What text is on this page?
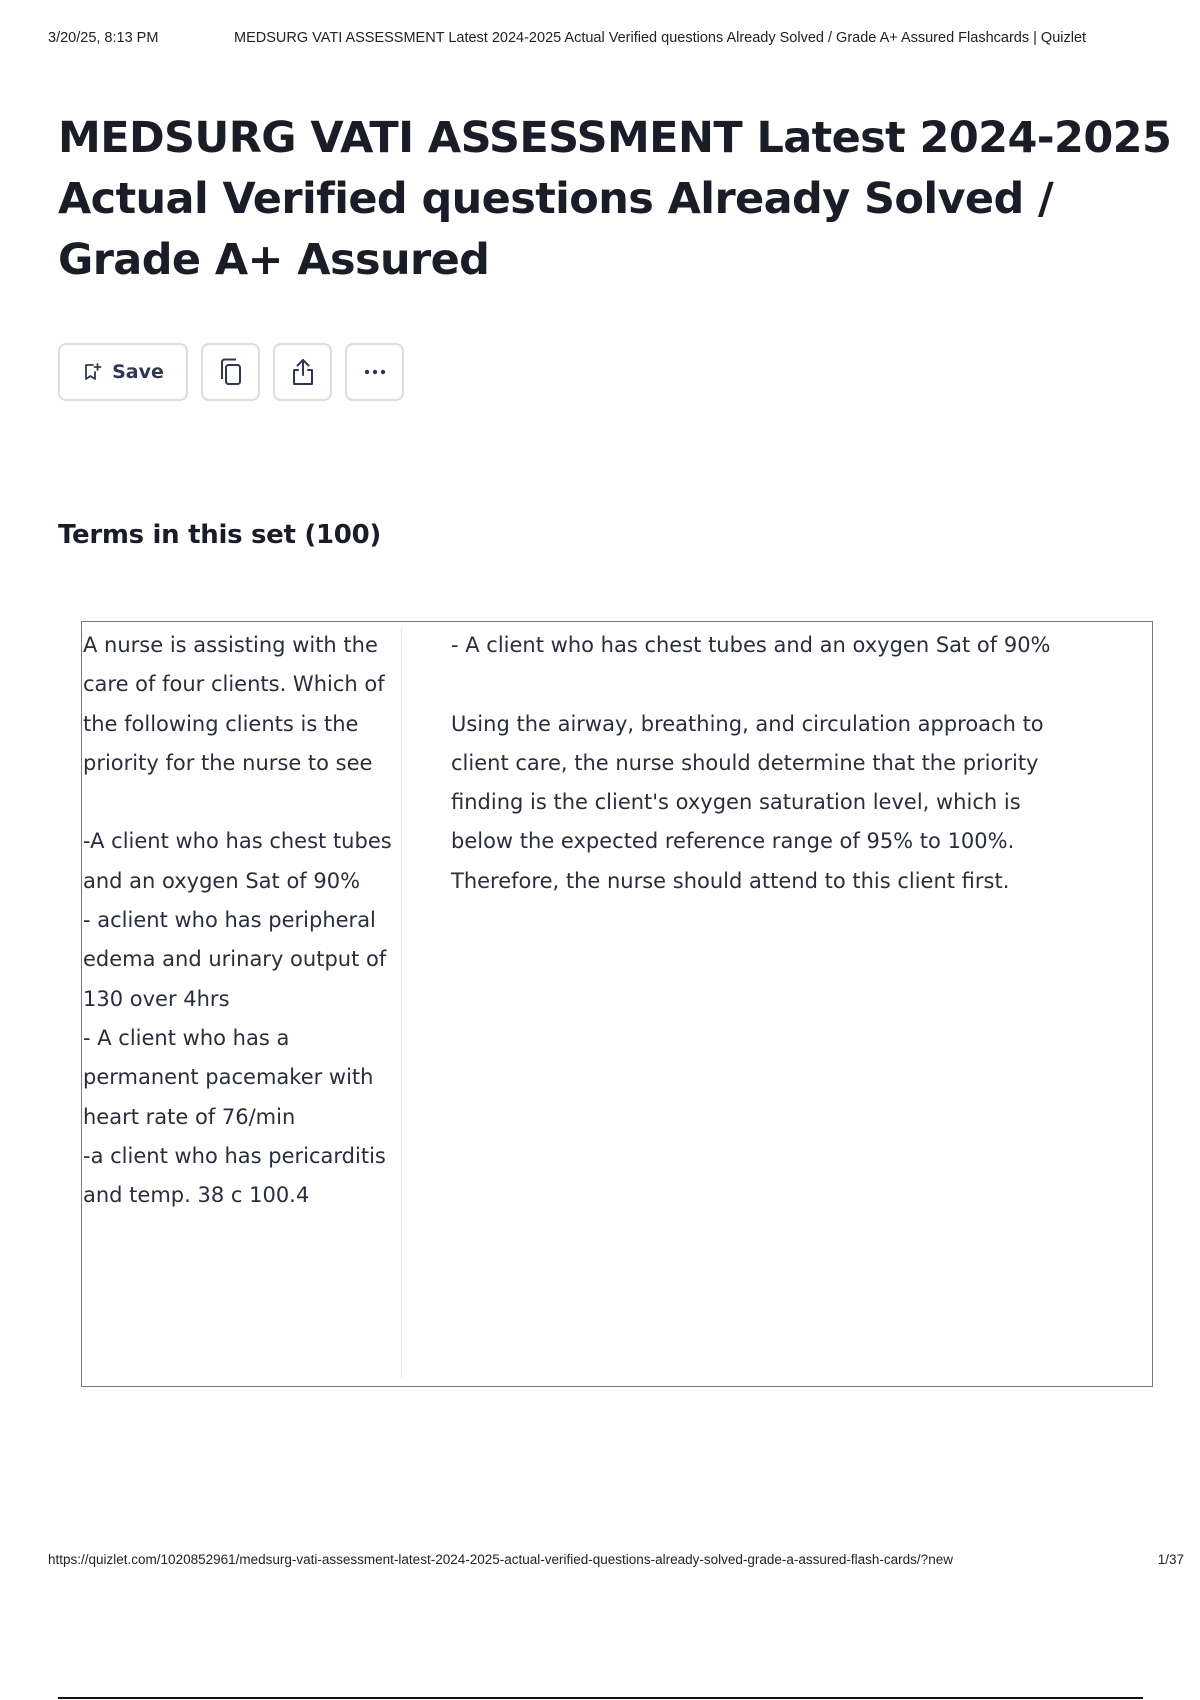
3/20/25, 8:13 PM	MEDSURG VATI ASSESSMENT Latest 2024-2025 Actual Verified questions Already Solved / Grade A+ Assured Flashcards | Quizlet
MEDSURG VATI ASSESSMENT Latest 2024-2025 Actual Verified questions Already Solved / Grade A+ Assured
Save
Terms in this set (100)
A nurse is assisting with the care of four clients. Which of the following clients is the priority for the nurse to see

-A client who has chest tubes and an oxygen Sat of 90%
- aclient who has peripheral edema and urinary output of 130 over 4hrs
- A client who has a permanent pacemaker with heart rate of 76/min
-a client who has pericarditis and temp. 38 c 100.4
- A client who has chest tubes and an oxygen Sat of 90%

Using the airway, breathing, and circulation approach to client care, the nurse should determine that the priority finding is the client's oxygen saturation level, which is below the expected reference range of 95% to 100%. Therefore, the nurse should attend to this client first.
https://quizlet.com/1020852961/medsurg-vati-assessment-latest-2024-2025-actual-verified-questions-already-solved-grade-a-assured-flash-cards/?new	1/37
